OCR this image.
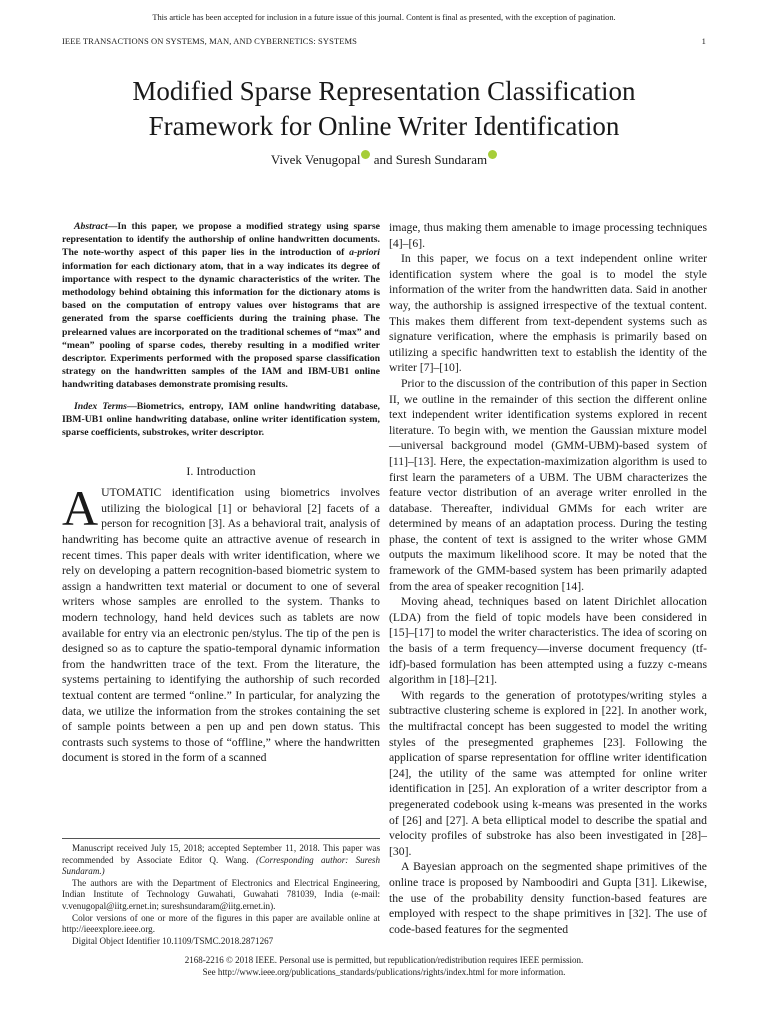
This article has been accepted for inclusion in a future issue of this journal. Content is final as presented, with the exception of pagination.
IEEE TRANSACTIONS ON SYSTEMS, MAN, AND CYBERNETICS: SYSTEMS	1
Modified Sparse Representation Classification
Framework for Online Writer Identification
Vivek Venugopal and Suresh Sundaram

Abstract—In this paper, we propose a modified strategy using sparse representation to identify the authorship of online handwritten documents. The note-worthy aspect of this paper lies in the introduction of a-priori information for each dictionary atom, that in a way indicates its degree of importance with respect to the dynamic characteristics of the writer. The methodology behind obtaining this information for the dictionary atoms is based on the computation of entropy values over histograms that are generated from the sparse coefficients during the training phase. The prelearned values are incorporated on the traditional schemes of “max” and “mean” pooling of sparse codes, thereby resulting in a modified writer descriptor. Experiments performed with the proposed sparse classification strategy on the handwritten samples of the IAM and IBM-UB1 online handwriting databases demonstrate promising results.

Index Terms—Biometrics, entropy, IAM online handwriting database, IBM-UB1 online handwriting database, online writer identification system, sparse coefficients, substrokes, writer descriptor.

I. Introduction

AUTOMATIC identification using biometrics involves utilizing the biological [1] or behavioral [2] facets of a person for recognition [3]. As a behavioral trait, analysis of handwriting has become quite an attractive avenue of research in recent times. This paper deals with writer identification, where we rely on developing a pattern recognition-based biometric system to assign a handwritten text material or document to one of several writers whose samples are enrolled to the system. Thanks to modern technology, hand held devices such as tablets are now available for entry via an electronic pen/stylus. The tip of the pen is designed so as to capture the spatio-temporal dynamic information from the handwritten trace of the text. From the literature, the systems pertaining to identifying the authorship of such recorded textual content are termed “online.” In particular, for analyzing the data, we utilize the information from the strokes containing the set of sample points between a pen up and pen down status. This contrasts such systems to those of “offline,” where the handwritten document is stored in the form of a scanned

Manuscript received July 15, 2018; accepted September 11, 2018. This paper was recommended by Associate Editor Q. Wang. (Corresponding author: Suresh Sundaram.)

The authors are with the Department of Electronics and Electrical Engineering, Indian Institute of Technology Guwahati, Guwahati 781039, India (e-mail: v.venugopal@iitg.ernet.in; sureshsundaram@iitg.ernet.in).

Color versions of one or more of the figures in this paper are available online at http://ieeexplore.ieee.org.

Digital Object Identifier 10.1109/TSMC.2018.2871267

image, thus making them amenable to image processing techniques [4]–[6].

In this paper, we focus on a text independent online writer identification system where the goal is to model the style information of the writer from the handwritten data. Said in another way, the authorship is assigned irrespective of the textual content. This makes them different from text-dependent systems such as signature verification, where the emphasis is primarily based on utilizing a specific handwritten text to establish the identity of the writer [7]–[10].

Prior to the discussion of the contribution of this paper in Section II, we outline in the remainder of this section the different online text independent writer identification systems explored in recent literature. To begin with, we mention the Gaussian mixture model—universal background model (GMM-UBM)-based system of [11]–[13]. Here, the expectation-maximization algorithm is used to first learn the parameters of a UBM. The UBM characterizes the feature vector distribution of an average writer enrolled in the database. Thereafter, individual GMMs for each writer are determined by means of an adaptation process. During the testing phase, the content of text is assigned to the writer whose GMM outputs the maximum likelihood score. It may be noted that the framework of the GMM-based system has been primarily adapted from the area of speaker recognition [14].

Moving ahead, techniques based on latent Dirichlet allocation (LDA) from the field of topic models have been considered in [15]–[17] to model the writer characteristics. The idea of scoring on the basis of a term frequency—inverse document frequency (tf-idf)-based formulation has been attempted using a fuzzy c-means algorithm in [18]–[21].

With regards to the generation of prototypes/writing styles a subtractive clustering scheme is explored in [22]. In another work, the multifractal concept has been suggested to model the writing styles of the presegmented graphemes [23]. Following the application of sparse representation for offline writer identification [24], the utility of the same was attempted for online writer identification in [25]. An exploration of a writer descriptor from a pregenerated codebook using k-means was presented in the works of [26] and [27]. A beta elliptical model to describe the spatial and velocity profiles of substroke has also been investigated in [28]–[30].

A Bayesian approach on the segmented shape primitives of the online trace is proposed by Namboodiri and Gupta [31]. Likewise, the use of the probability density function-based features are employed with respect to the shape primitives in [32]. The use of code-based features for the segmented

2168-2216 © 2018 IEEE. Personal use is permitted, but republication/redistribution requires IEEE permission.
See http://www.ieee.org/publications_standards/publications/rights/index.html for more information.
